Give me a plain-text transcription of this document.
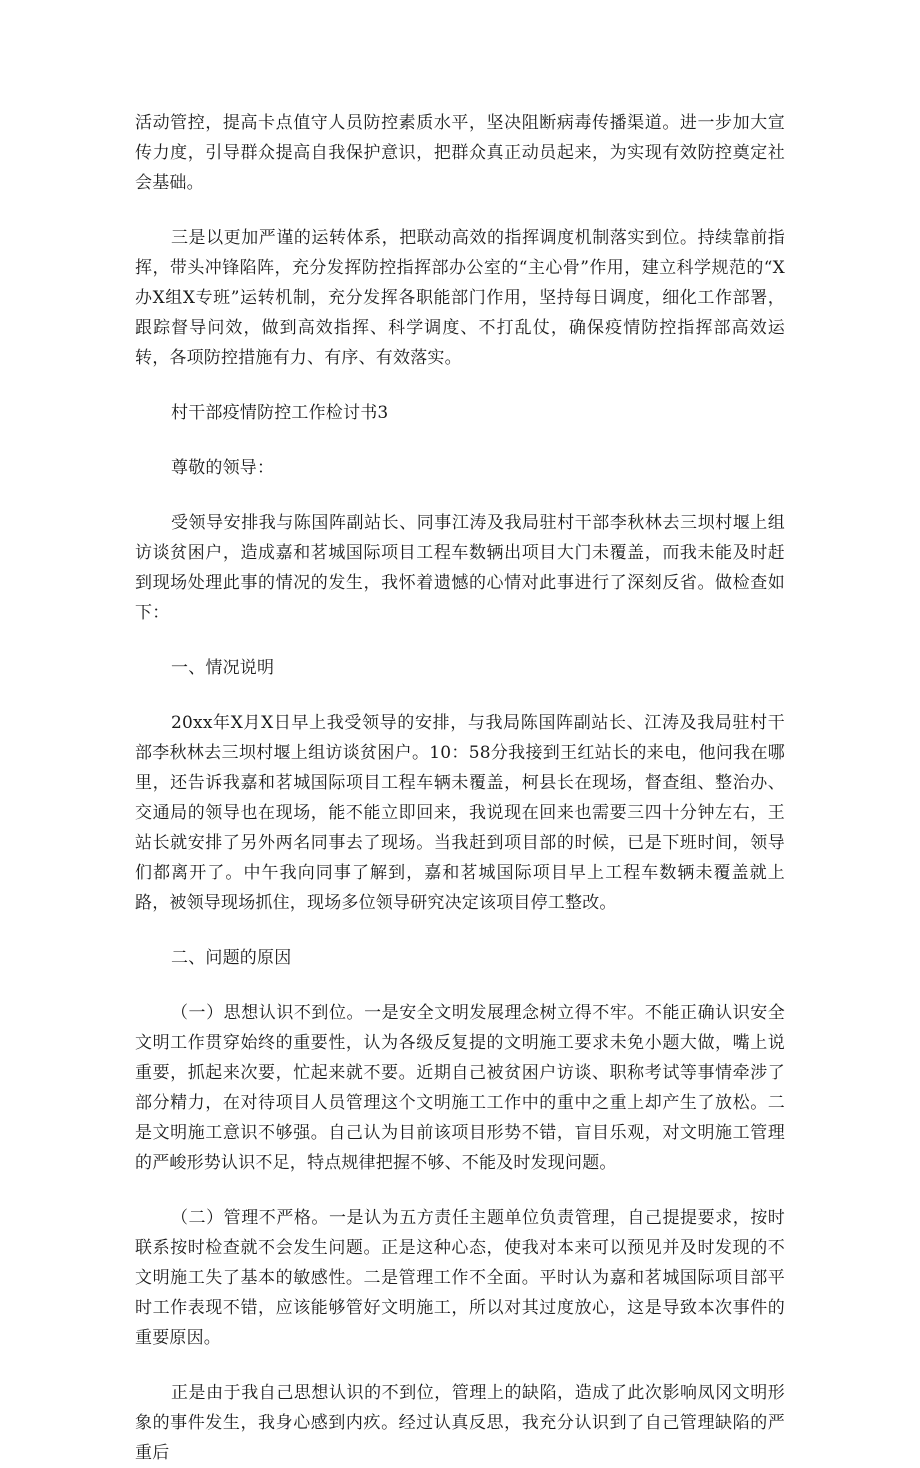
活动管控，提高卡点值守人员防控素质水平，坚决阻断病毒传播渠道。进一步加大宣传力度，引导群众提高自我保护意识，把群众真正动员起来，为实现有效防控奠定社会基础。

三是以更加严谨的运转体系，把联动高效的指挥调度机制落实到位。持续靠前指挥，带头冲锋陷阵，充分发挥防控指挥部办公室的“主心骨”作用，建立科学规范的“X办X组X专班”运转机制，充分发挥各职能部门作用，坚持每日调度，细化工作部署，跟踪督导问效，做到高效指挥、科学调度、不打乱仗，确保疫情防控指挥部高效运转，各项防控措施有力、有序、有效落实。

村干部疫情防控工作检讨书3

尊敬的领导：

受领导安排我与陈国阵副站长、同事江涛及我局驻村干部李秋林去三坝村堰上组访谈贫困户，造成嘉和茗城国际项目工程车数辆出项目大门未覆盖，而我未能及时赶到现场处理此事的情况的发生，我怀着遗憾的心情对此事进行了深刻反省。做检查如下：

一、情况说明

20xx年X月X日早上我受领导的安排，与我局陈国阵副站长、江涛及我局驻村干部李秋林去三坝村堰上组访谈贫困户。10：58分我接到王红站长的来电，他问我在哪里，还告诉我嘉和茗城国际项目工程车辆未覆盖，柯县长在现场，督查组、整治办、交通局的领导也在现场，能不能立即回来，我说现在回来也需要三四十分钟左右，王站长就安排了另外两名同事去了现场。当我赶到项目部的时候，已是下班时间，领导们都离开了。中午我向同事了解到，嘉和茗城国际项目早上工程车数辆未覆盖就上路，被领导现场抓住，现场多位领导研究决定该项目停工整改。

二、问题的原因

（一）思想认识不到位。一是安全文明发展理念树立得不牢。不能正确认识安全文明工作贯穿始终的重要性，认为各级反复提的文明施工要求未免小题大做，嘴上说重要，抓起来次要，忙起来就不要。近期自己被贫困户访谈、职称考试等事情牵涉了部分精力，在对待项目人员管理这个文明施工工作中的重中之重上却产生了放松。二是文明施工意识不够强。自己认为目前该项目形势不错，盲目乐观，对文明施工管理的严峻形势认识不足，特点规律把握不够、不能及时发现问题。

（二）管理不严格。一是认为五方责任主题单位负责管理，自己提提要求，按时联系按时检查就不会发生问题。正是这种心态，使我对本来可以预见并及时发现的不文明施工失了基本的敏感性。二是管理工作不全面。平时认为嘉和茗城国际项目部平时工作表现不错，应该能够管好文明施工，所以对其过度放心，这是导致本次事件的重要原因。

正是由于我自己思想认识的不到位，管理上的缺陷，造成了此次影响凤冈文明形象的事件发生，我身心感到内疚。经过认真反思，我充分认识到了自己管理缺陷的严重后
